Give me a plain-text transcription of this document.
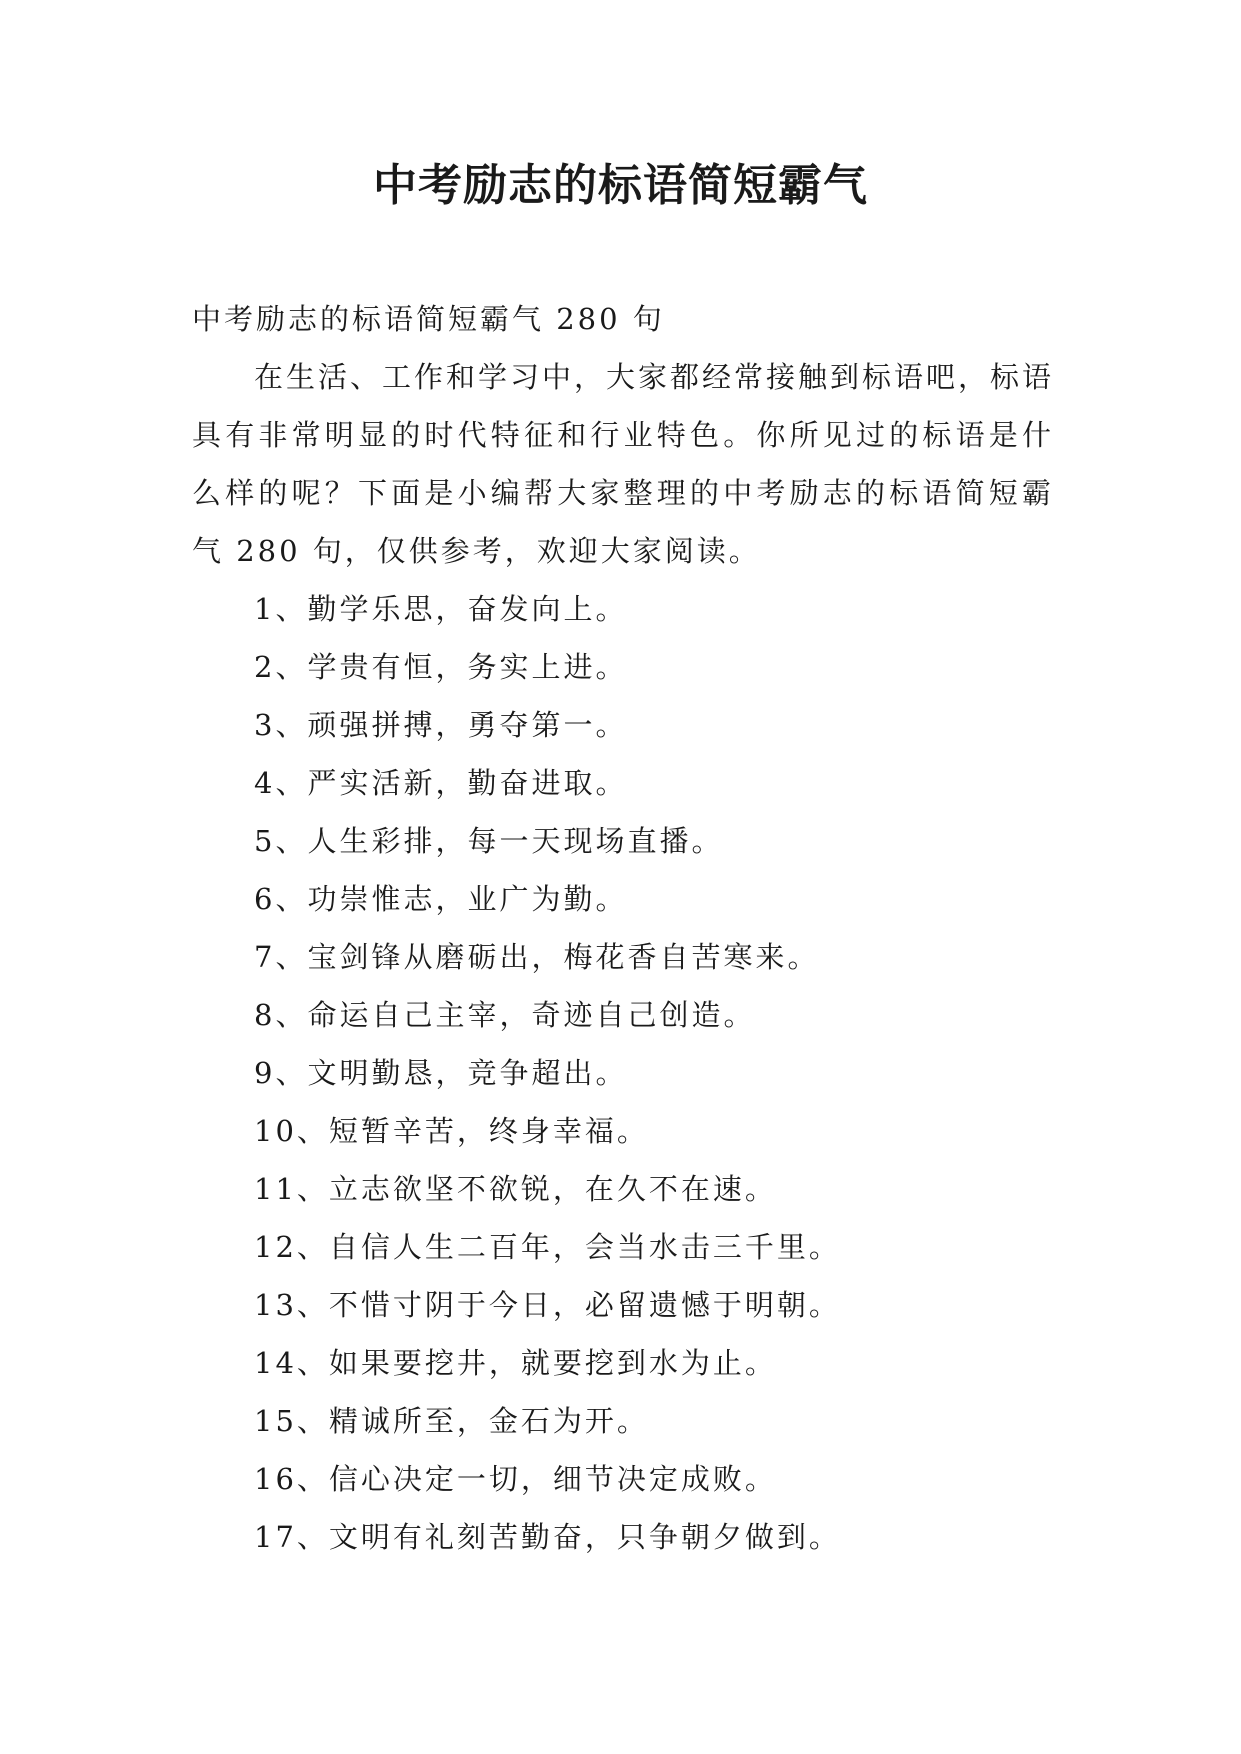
中考励志的标语简短霸气

中考励志的标语简短霸气 280 句

在生活、工作和学习中，大家都经常接触到标语吧，标语具有非常明显的时代特征和行业特色。你所见过的标语是什么样的呢？下面是小编帮大家整理的中考励志的标语简短霸气 280 句，仅供参考，欢迎大家阅读。

1、勤学乐思，奋发向上。
2、学贵有恒，务实上进。
3、顽强拼搏，勇夺第一。
4、严实活新，勤奋进取。
5、人生彩排，每一天现场直播。
6、功崇惟志，业广为勤。
7、宝剑锋从磨砺出，梅花香自苦寒来。
8、命运自己主宰，奇迹自己创造。
9、文明勤恳，竞争超出。
10、短暂辛苦，终身幸福。
11、立志欲坚不欲锐，在久不在速。
12、自信人生二百年，会当水击三千里。
13、不惜寸阴于今日，必留遗憾于明朝。
14、如果要挖井，就要挖到水为止。
15、精诚所至，金石为开。
16、信心决定一切，细节决定成败。
17、文明有礼刻苦勤奋，只争朝夕做到。
